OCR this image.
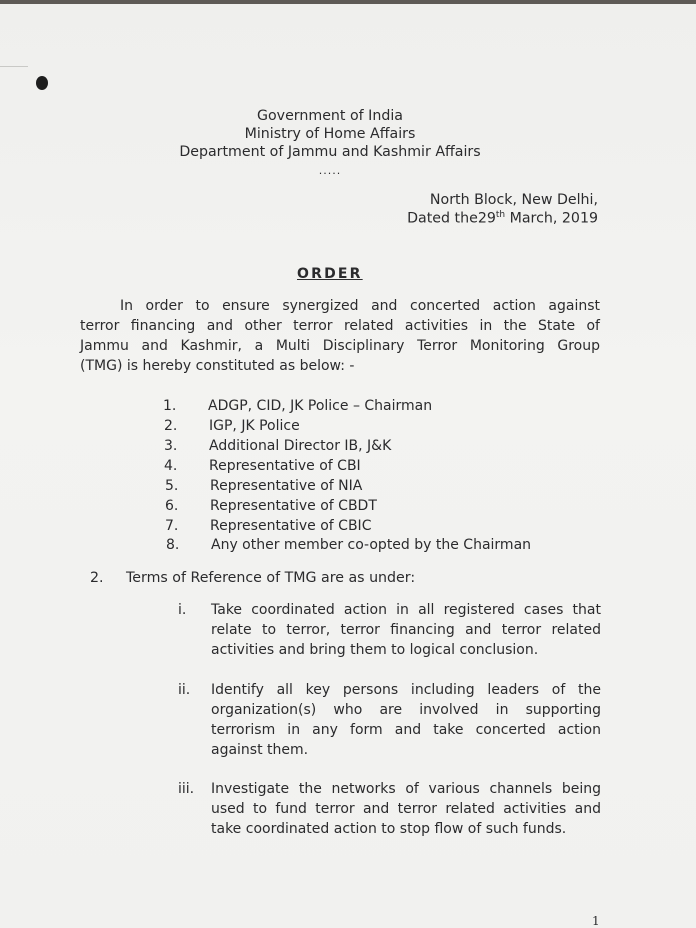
Government of India
Ministry of Home Affairs
Department of Jammu and Kashmir Affairs
.....
North Block, New Delhi,
Dated the29th March, 2019
ORDER
In order to ensure synergized and concerted action against
terror financing and other terror related activities in the State of
Jammu and Kashmir, a Multi Disciplinary Terror Monitoring Group
(TMG) is hereby constituted as below: -
1.	ADGP, CID, JK Police – Chairman
2.	IGP, JK Police
3.	Additional Director IB, J&K
4.	Representative of CBI
5.	Representative of NIA
6.	Representative of CBDT
7.	Representative of CBIC
8.	Any other member co-opted by the Chairman
2. Terms of Reference of TMG are as under:
i. Take coordinated action in all registered cases that
relate to terror, terror financing and terror related
activities and bring them to logical conclusion.
ii. Identify all key persons including leaders of the
organization(s) who are involved in supporting
terrorism in any form and take concerted action
against them.
iii. Investigate the networks of various channels being
used to fund terror and terror related activities and
take coordinated action to stop flow of such funds.
1
